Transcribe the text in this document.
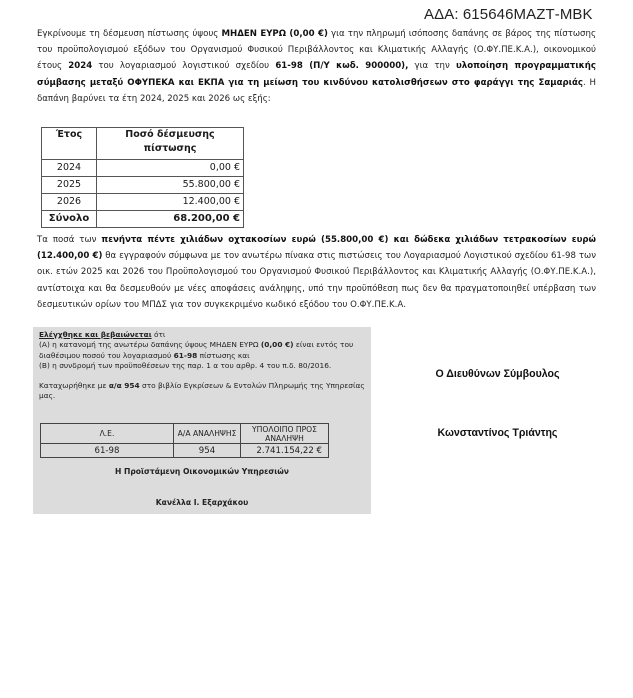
ΑΔΑ: 615646ΜΑΖΤ-ΜΒΚ
Εγκρίνουμε τη δέσμευση πίστωσης ύψους ΜΗΔΕΝ ΕΥΡΩ (0,00 €) για την πληρωμή ισόποσης δαπάνης σε βάρος της πίστωσης του προϋπολογισμού εξόδων του Οργανισμού Φυσικού Περιβάλλοντος και Κλιματικής Αλλαγής (Ο.ΦΥ.ΠΕ.Κ.Α.), οικονομικού έτους 2024 του λογαριασμού λογιστικού σχεδίου 61-98 (Π/Υ κωδ. 900000), για την υλοποίηση προγραμματικής σύμβασης μεταξύ ΟΦΥΠΕΚΑ και ΕΚΠΑ για τη μείωση του κινδύνου κατολισθήσεων στο φαράγγι της Σαμαριάς. Η δαπάνη βαρύνει τα έτη 2024, 2025 και 2026 ως εξής:
Έτος	Ποσό δέσμευσης πίστωσης
2024	0,00 €
2025	55.800,00 €
2026	12.400,00 €
Σύνολο	68.200,00 €
Τα ποσά των πενήντα πέντε χιλιάδων οχτακοσίων ευρώ (55.800,00 €) και δώδεκα χιλιάδων τετρακοσίων ευρώ (12.400,00 €) θα εγγραφούν σύμφωνα με τον ανωτέρω πίνακα στις πιστώσεις του Λογαριασμού Λογιστικού σχεδίου 61-98 των οικ. ετών 2025 και 2026 του Προϋπολογισμού του Οργανισμού Φυσικού Περιβάλλοντος και Κλιματικής Αλλαγής (Ο.ΦΥ.ΠΕ.Κ.Α.), αντίστοιχα και θα δεσμευθούν με νέες αποφάσεις ανάληψης, υπό την προϋπόθεση πως δεν θα πραγματοποιηθεί υπέρβαση των δεσμευτικών ορίων του ΜΠΔΣ για τον συγκεκριμένο κωδικό εξόδου του Ο.ΦΥ.ΠΕ.Κ.Α.
Ελέγχθηκε και βεβαιώνεται ότι
(Α) η κατανομή της ανωτέρω δαπάνης ύψους ΜΗΔΕΝ ΕΥΡΩ (0,00 €) είναι εντός του διαθέσιμου ποσού του λογαριασμού 61-98 πίστωσης και
(Β) η συνδρομή των προϋποθέσεων της παρ. 1 α του αρθρ. 4 του π.δ. 80/2016.
Καταχωρήθηκε με α/α 954 στο βιβλίο Εγκρίσεων & Εντολών Πληρωμής της Υπηρεσίας μας.
Λ.Ε.	Α/Α ΑΝΑΛΗΨΗΣ	ΥΠΟΛΟΙΠΟ ΠΡΟΣ ΑΝΑΛΗΨΗ
61-98	954	2.741.154,22 €
Η Προϊστάμενη Οικονομικών Υπηρεσιών
Κανέλλα Ι. Εξαρχάκου
Ο Διευθύνων Σύμβουλος
Κωνσταντίνος Τριάντης
